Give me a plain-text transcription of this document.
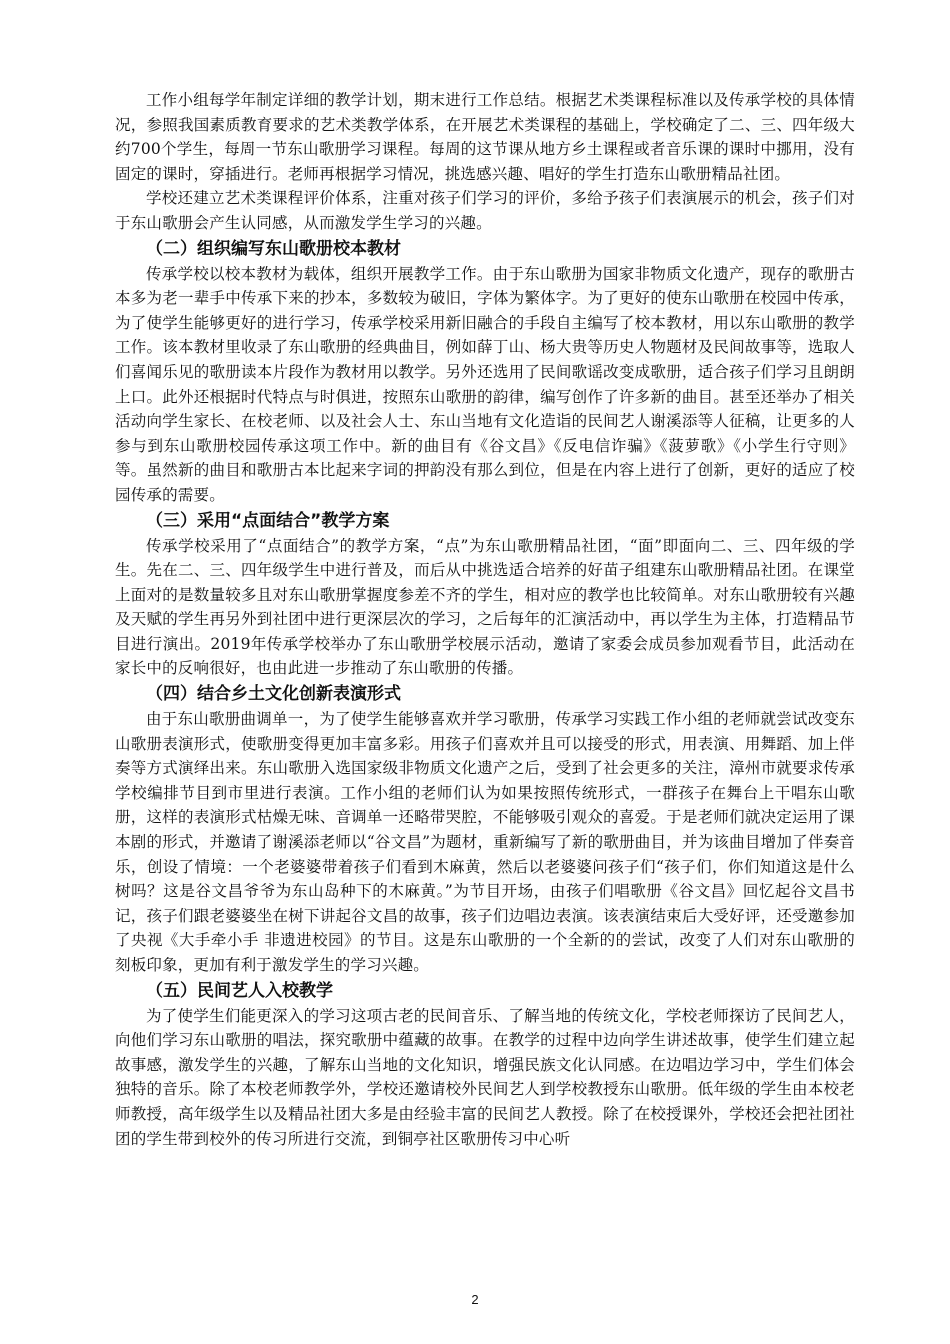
工作小组每学年制定详细的教学计划，期末进行工作总结。根据艺术类课程标准以及传承学校的具体情况，参照我国素质教育要求的艺术类教学体系，在开展艺术类课程的基础上，学校确定了二、三、四年级大约700个学生，每周一节东山歌册学习课程。每周的这节课从地方乡土课程或者音乐课的课时中挪用，没有固定的课时，穿插进行。老师再根据学习情况，挑选感兴趣、唱好的学生打造东山歌册精品社团。

学校还建立艺术类课程评价体系，注重对孩子们学习的评价，多给予孩子们表演展示的机会，孩子们对于东山歌册会产生认同感，从而激发学生学习的兴趣。

（二）组织编写东山歌册校本教材

传承学校以校本教材为载体，组织开展教学工作。由于东山歌册为国家非物质文化遗产，现存的歌册古本多为老一辈手中传承下来的抄本，多数较为破旧，字体为繁体字。为了更好的使东山歌册在校园中传承，为了使学生能够更好的进行学习，传承学校采用新旧融合的手段自主编写了校本教材，用以东山歌册的教学工作。该本教材里收录了东山歌册的经典曲目，例如薛丁山、杨大贵等历史人物题材及民间故事等，选取人们喜闻乐见的歌册读本片段作为教材用以教学。另外还选用了民间歌谣改变成歌册，适合孩子们学习且朗朗上口。此外还根据时代特点与时俱进，按照东山歌册的韵律，编写创作了许多新的曲目。甚至还举办了相关活动向学生家长、在校老师、以及社会人士、东山当地有文化造诣的民间艺人谢溪添等人征稿，让更多的人参与到东山歌册校园传承这项工作中。新的曲目有《谷文昌》《反电信诈骗》《菠萝歌》《小学生行守则》等。虽然新的曲目和歌册古本比起来字词的押韵没有那么到位，但是在内容上进行了创新，更好的适应了校园传承的需要。

（三）采用“点面结合”教学方案

传承学校采用了“点面结合”的教学方案，“点”为东山歌册精品社团，“面”即面向二、三、四年级的学生。先在二、三、四年级学生中进行普及，而后从中挑选适合培养的好苗子组建东山歌册精品社团。在课堂上面对的是数量较多且对东山歌册掌握度参差不齐的学生，相对应的教学也比较简单。对东山歌册较有兴趣及天赋的学生再另外到社团中进行更深层次的学习，之后每年的汇演活动中，再以学生为主体，打造精品节目进行演出。2019年传承学校举办了东山歌册学校展示活动，邀请了家委会成员参加观看节目，此活动在家长中的反响很好，也由此进一步推动了东山歌册的传播。

（四）结合乡土文化创新表演形式

由于东山歌册曲调单一，为了使学生能够喜欢并学习歌册，传承学习实践工作小组的老师就尝试改变东山歌册表演形式，使歌册变得更加丰富多彩。用孩子们喜欢并且可以接受的形式，用表演、用舞蹈、加上伴奏等方式演绎出来。东山歌册入选国家级非物质文化遗产之后，受到了社会更多的关注，漳州市就要求传承学校编排节目到市里进行表演。工作小组的老师们认为如果按照传统形式，一群孩子在舞台上干唱东山歌册，这样的表演形式枯燥无味、音调单一还略带哭腔，不能够吸引观众的喜爱。于是老师们就决定运用了课本剧的形式，并邀请了谢溪添老师以“谷文昌”为题材，重新编写了新的歌册曲目，并为该曲目增加了伴奏音乐，创设了情境：一个老婆婆带着孩子们看到木麻黄，然后以老婆婆问孩子们“孩子们，你们知道这是什么树吗？这是谷文昌爷爷为东山岛种下的木麻黄。”为节目开场，由孩子们唱歌册《谷文昌》回忆起谷文昌书记，孩子们跟老婆婆坐在树下讲起谷文昌的故事，孩子们边唱边表演。该表演结束后大受好评，还受邀参加了央视《大手牵小手 非遗进校园》的节目。这是东山歌册的一个全新的的尝试，改变了人们对东山歌册的刻板印象，更加有利于激发学生的学习兴趣。

（五）民间艺人入校教学

为了使学生们能更深入的学习这项古老的民间音乐、了解当地的传统文化，学校老师探访了民间艺人，向他们学习东山歌册的唱法，探究歌册中蕴藏的故事。在教学的过程中边向学生讲述故事，使学生们建立起故事感，激发学生的兴趣，了解东山当地的文化知识，增强民族文化认同感。在边唱边学习中，学生们体会独特的音乐。除了本校老师教学外，学校还邀请校外民间艺人到学校教授东山歌册。低年级的学生由本校老师教授，高年级学生以及精品社团大多是由经验丰富的民间艺人教授。除了在校授课外，学校还会把社团社团的学生带到校外的传习所进行交流，到铜亭社区歌册传习中心听

2
